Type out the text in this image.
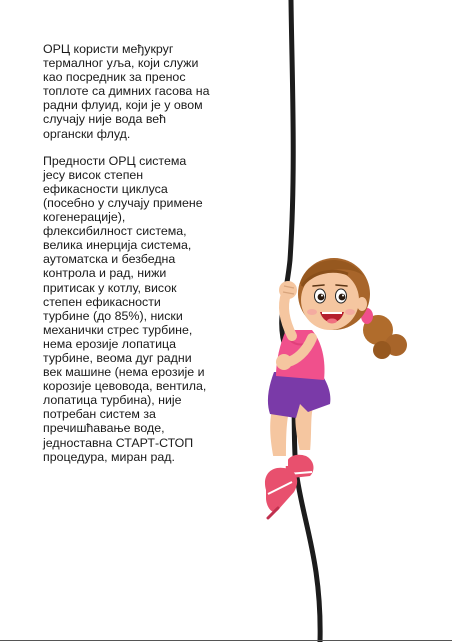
ОРЦ користи међукруг
термалног уља, који служи
као посредник за пренос
топлоте са димних гасова на
радни флуид, који је у овом
случају није вода већ
органски флуд.

Предности ОРЦ система
јесу висок степен
ефикасности циклуса
(посебно у случају примене
когенерације),
флексибилност система,
велика инерција система,
аутоматска и безбедна
контрола и рад, нижи
притисак у котлу, висок
степен ефикасности
турбине (до 85%), ниски
механички стрес турбине,
нема ерозије лопатица
турбине, веома дуг радни
век машине (нема ерозије и
корозије цевовода, вентила,
лопатица турбина), није
потребан систем за
пречишћавање воде,
једноставна СТАРТ-СТОП
процедура, миран рад.
